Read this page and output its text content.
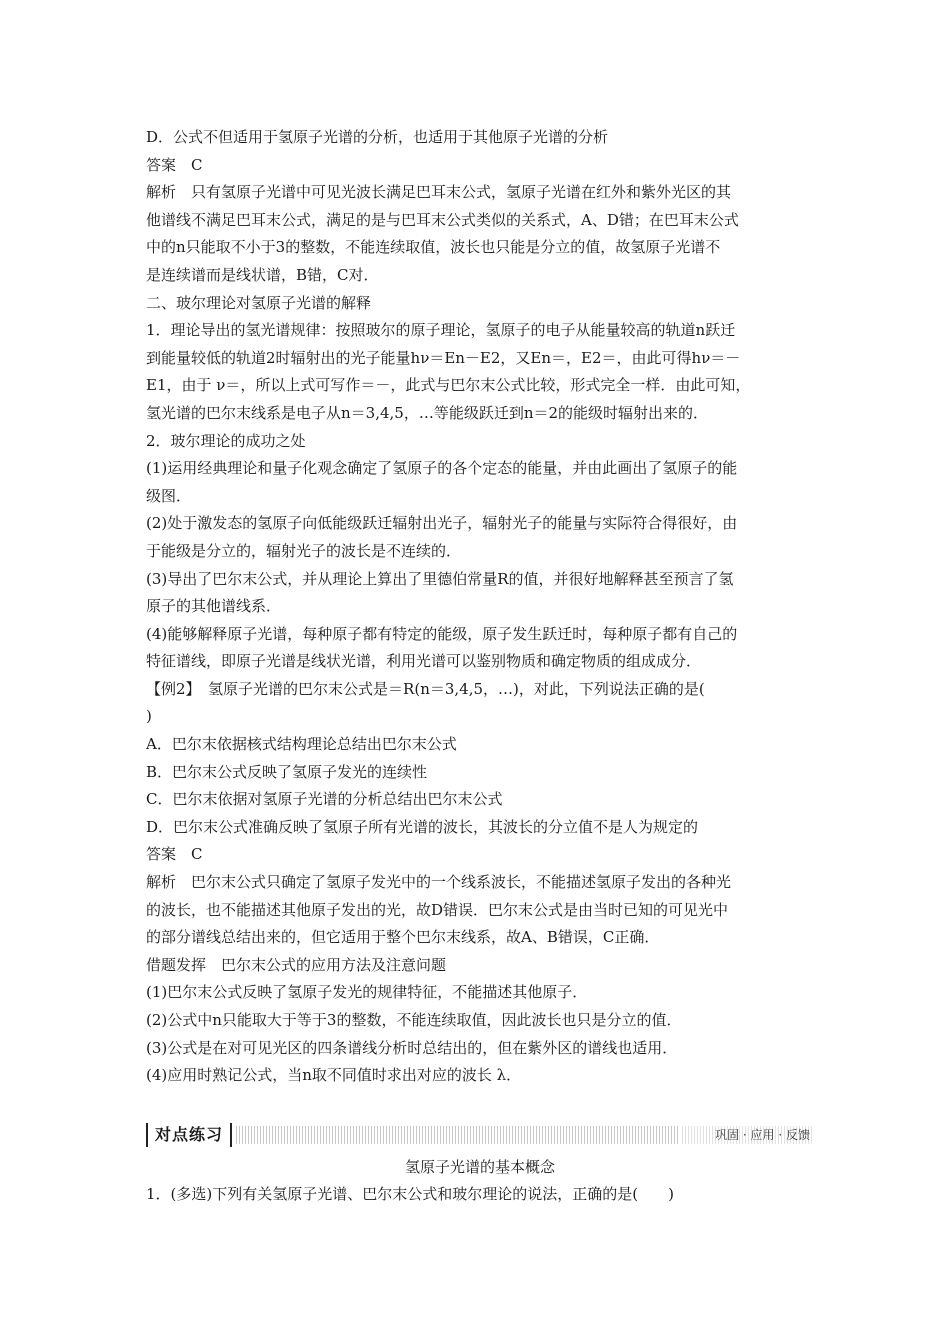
D．公式不但适用于氢原子光谱的分析，也适用于其他原子光谱的分析
答案　C
解析　只有氢原子光谱中可见光波长满足巴耳末公式，氢原子光谱在红外和紫外光区的其
他谱线不满足巴耳末公式，满足的是与巴耳末公式类似的关系式，A、D错；在巴耳末公式
中的n只能取不小于3的整数，不能连续取值，波长也只能是分立的值，故氢原子光谱不
是连续谱而是线状谱，B错，C对．
二、玻尔理论对氢原子光谱的解释
1．理论导出的氢光谱规律：按照玻尔的原子理论，氢原子的电子从能量较高的轨道n跃迁
到能量较低的轨道2时辐射出的光子能量hν＝En－E2，又En＝，E2＝，由此可得hν＝－
E1，由于 ν＝，所以上式可写作＝－，此式与巴尔末公式比较，形式完全一样．由此可知，
氢光谱的巴尔末线系是电子从n＝3,4,5，…等能级跃迁到n＝2的能级时辐射出来的．
2．玻尔理论的成功之处
(1)运用经典理论和量子化观念确定了氢原子的各个定态的能量，并由此画出了氢原子的能
级图．
(2)处于激发态的氢原子向低能级跃迁辐射出光子，辐射光子的能量与实际符合得很好，由
于能级是分立的，辐射光子的波长是不连续的．
(3)导出了巴尔末公式，并从理论上算出了里德伯常量R的值，并很好地解释甚至预言了氢
原子的其他谱线系．
(4)能够解释原子光谱，每种原子都有特定的能级，原子发生跃迁时，每种原子都有自己的
特征谱线，即原子光谱是线状光谱，利用光谱可以鉴别物质和确定物质的组成成分．
【例2】　氢原子光谱的巴尔末公式是＝R(n＝3,4,5，…)，对此，下列说法正确的是(
)
A．巴尔末依据核式结构理论总结出巴尔末公式
B．巴尔末公式反映了氢原子发光的连续性
C．巴尔末依据对氢原子光谱的分析总结出巴尔末公式
D．巴尔末公式准确反映了氢原子所有光谱的波长，其波长的分立值不是人为规定的
答案　C
解析　巴尔末公式只确定了氢原子发光中的一个线系波长，不能描述氢原子发出的各种光
的波长，也不能描述其他原子发出的光，故D错误．巴尔末公式是由当时已知的可见光中
的部分谱线总结出来的，但它适用于整个巴尔末线系，故A、B错误，C正确．
借题发挥　巴尔末公式的应用方法及注意问题
(1)巴尔末公式反映了氢原子发光的规律特征，不能描述其他原子．
(2)公式中n只能取大于等于3的整数，不能连续取值，因此波长也只是分立的值．
(3)公式是在对可见光区的四条谱线分析时总结出的，但在紫外区的谱线也适用．
(4)应用时熟记公式，当n取不同值时求出对应的波长 λ．
对点练习	巩固 · 应用 · 反馈
氢原子光谱的基本概念
1．(多选)下列有关氢原子光谱、巴尔末公式和玻尔理论的说法，正确的是(　　)
